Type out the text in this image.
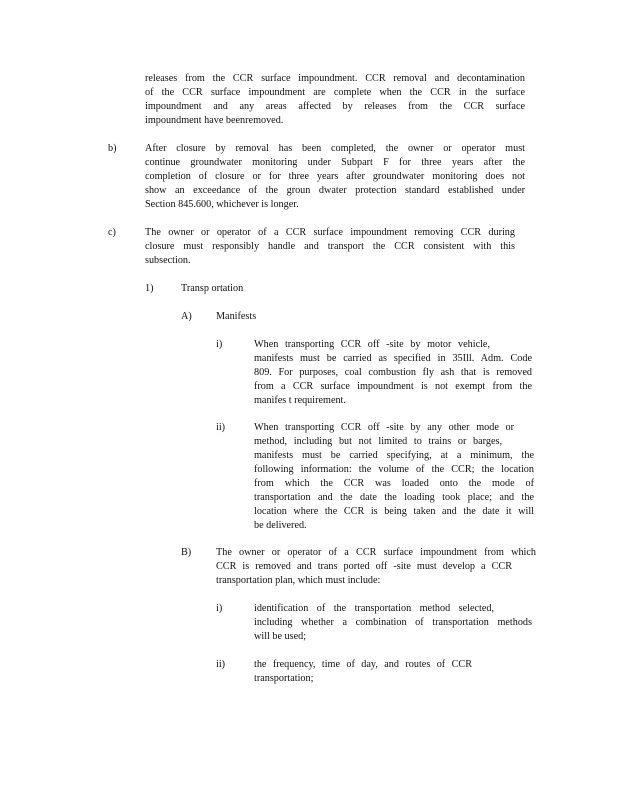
releases from the CCR surface impoundment. CCR removal and decontamination
of the CCR surface impoundment are complete when the CCR in the surface
impoundment and any areas affected by releases from the CCR surface
impoundment have beenremoved.
b)	After closure by removal has been completed, the owner or operator must
continue groundwater monitoring under Subpart F for three years after the
completion of closure or for three years after groundwater monitoring does not
show an exceedance of the groun dwater protection standard established under
Section 845.600, whichever is longer.
c)	The owner or operator of a CCR surface impoundment removing CCR during
closure must responsibly handle and transport the CCR consistent with this
subsection.
1)	Transp ortation
A) Manifests
i)	When transporting CCR off -site by motor vehicle,
manifests must be carried as specified in 35Ill. Adm. Code
809. For purposes, coal combustion fly ash that is removed
from a CCR surface impoundment is not exempt from the
manifes t requirement.
ii)	When transporting CCR off -site by any other mode or
method, including but not limited to trains or barges,
manifests must be carried specifying, at a minimum, the
following information: the volume of the CCR; the location
from which the CCR was loaded onto the mode of
transportation and the date the loading took place; and the
location where the CCR is being taken and the date it will
be delivered.
B) The owner or operator of a CCR surface impoundment from which
CCR is removed and trans ported off -site must develop a CCR
transportation plan, which must include:
i)	identification of the transportation method selected,
including whether a combination of transportation methods
will be used;
ii)	the frequency, time of day, and routes of CCR
transportation;
